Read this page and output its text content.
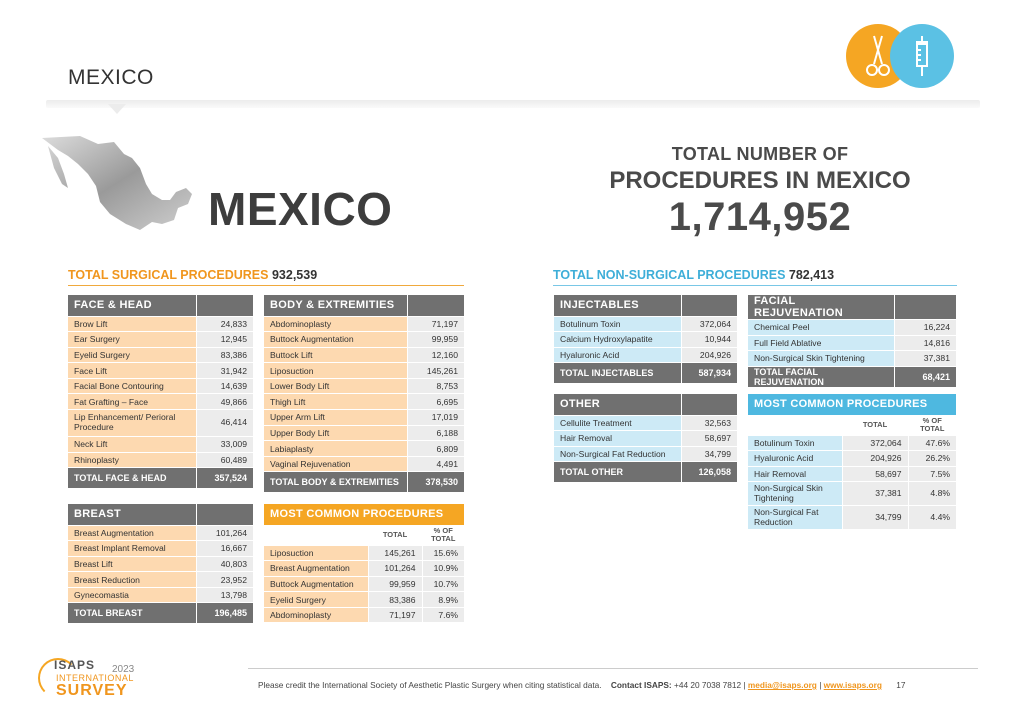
MEXICO
MEXICO
TOTAL NUMBER OF
PROCEDURES IN MEXICO
1,714,952
TOTAL SURGICAL PROCEDURES 932,539	TOTAL NON-SURGICAL PROCEDURES 782,413
FACE & HEAD	
Brow Lift	24,833
Ear Surgery	12,945
Eyelid Surgery	83,386
Face Lift	31,942
Facial Bone Contouring	14,639
Fat Grafting – Face	49,866
Lip Enhancement/ Perioral Procedure	46,414
Neck Lift	33,009
Rhinoplasty	60,489
TOTAL FACE & HEAD	357,524
BODY & EXTREMITIES	
Abdominoplasty	71,197
Buttock Augmentation	99,959
Buttock Lift	12,160
Liposuction	145,261
Lower Body Lift	8,753
Thigh Lift	6,695
Upper Arm Lift	17,019
Upper Body Lift	6,188
Labiaplasty	6,809
Vaginal Rejuvenation	4,491
TOTAL BODY & EXTREMITIES	378,530
BREAST	
Breast Augmentation	101,264
Breast Implant Removal	16,667
Breast Lift	40,803
Breast Reduction	23,952
Gynecomastia	13,798
TOTAL BREAST	196,485
MOST COMMON PROCEDURES		
	TOTAL	% OF TOTAL
Liposuction	145,261	15.6%
Breast Augmentation	101,264	10.9%
Buttock Augmentation	99,959	10.7%
Eyelid Surgery	83,386	8.9%
Abdominoplasty	71,197	7.6%
INJECTABLES	
Botulinum Toxin	372,064
Calcium Hydroxylapatite	10,944
Hyaluronic Acid	204,926
TOTAL INJECTABLES	587,934
FACIAL REJUVENATION	
Chemical Peel	16,224
Full Field Ablative	14,816
Non-Surgical Skin Tightening	37,381
TOTAL FACIAL REJUVENATION	68,421
OTHER	
Cellulite Treatment	32,563
Hair Removal	58,697
Non-Surgical Fat Reduction	34,799
TOTAL OTHER	126,058
MOST COMMON PROCEDURES		
	TOTAL	% OF TOTAL
Botulinum Toxin	372,064	47.6%
Hyaluronic Acid	204,926	26.2%
Hair Removal	58,697	7.5%
Non-Surgical Skin Tightening	37,381	4.8%
Non-Surgical Fat Reduction	34,799	4.4%
ISAPS 2023
INTERNATIONAL
SURVEY	Please credit the International Society of Aesthetic Plastic Surgery when citing statistical data. Contact ISAPS: +44 20 7038 7812 | media@isaps.org | www.isaps.org 17
